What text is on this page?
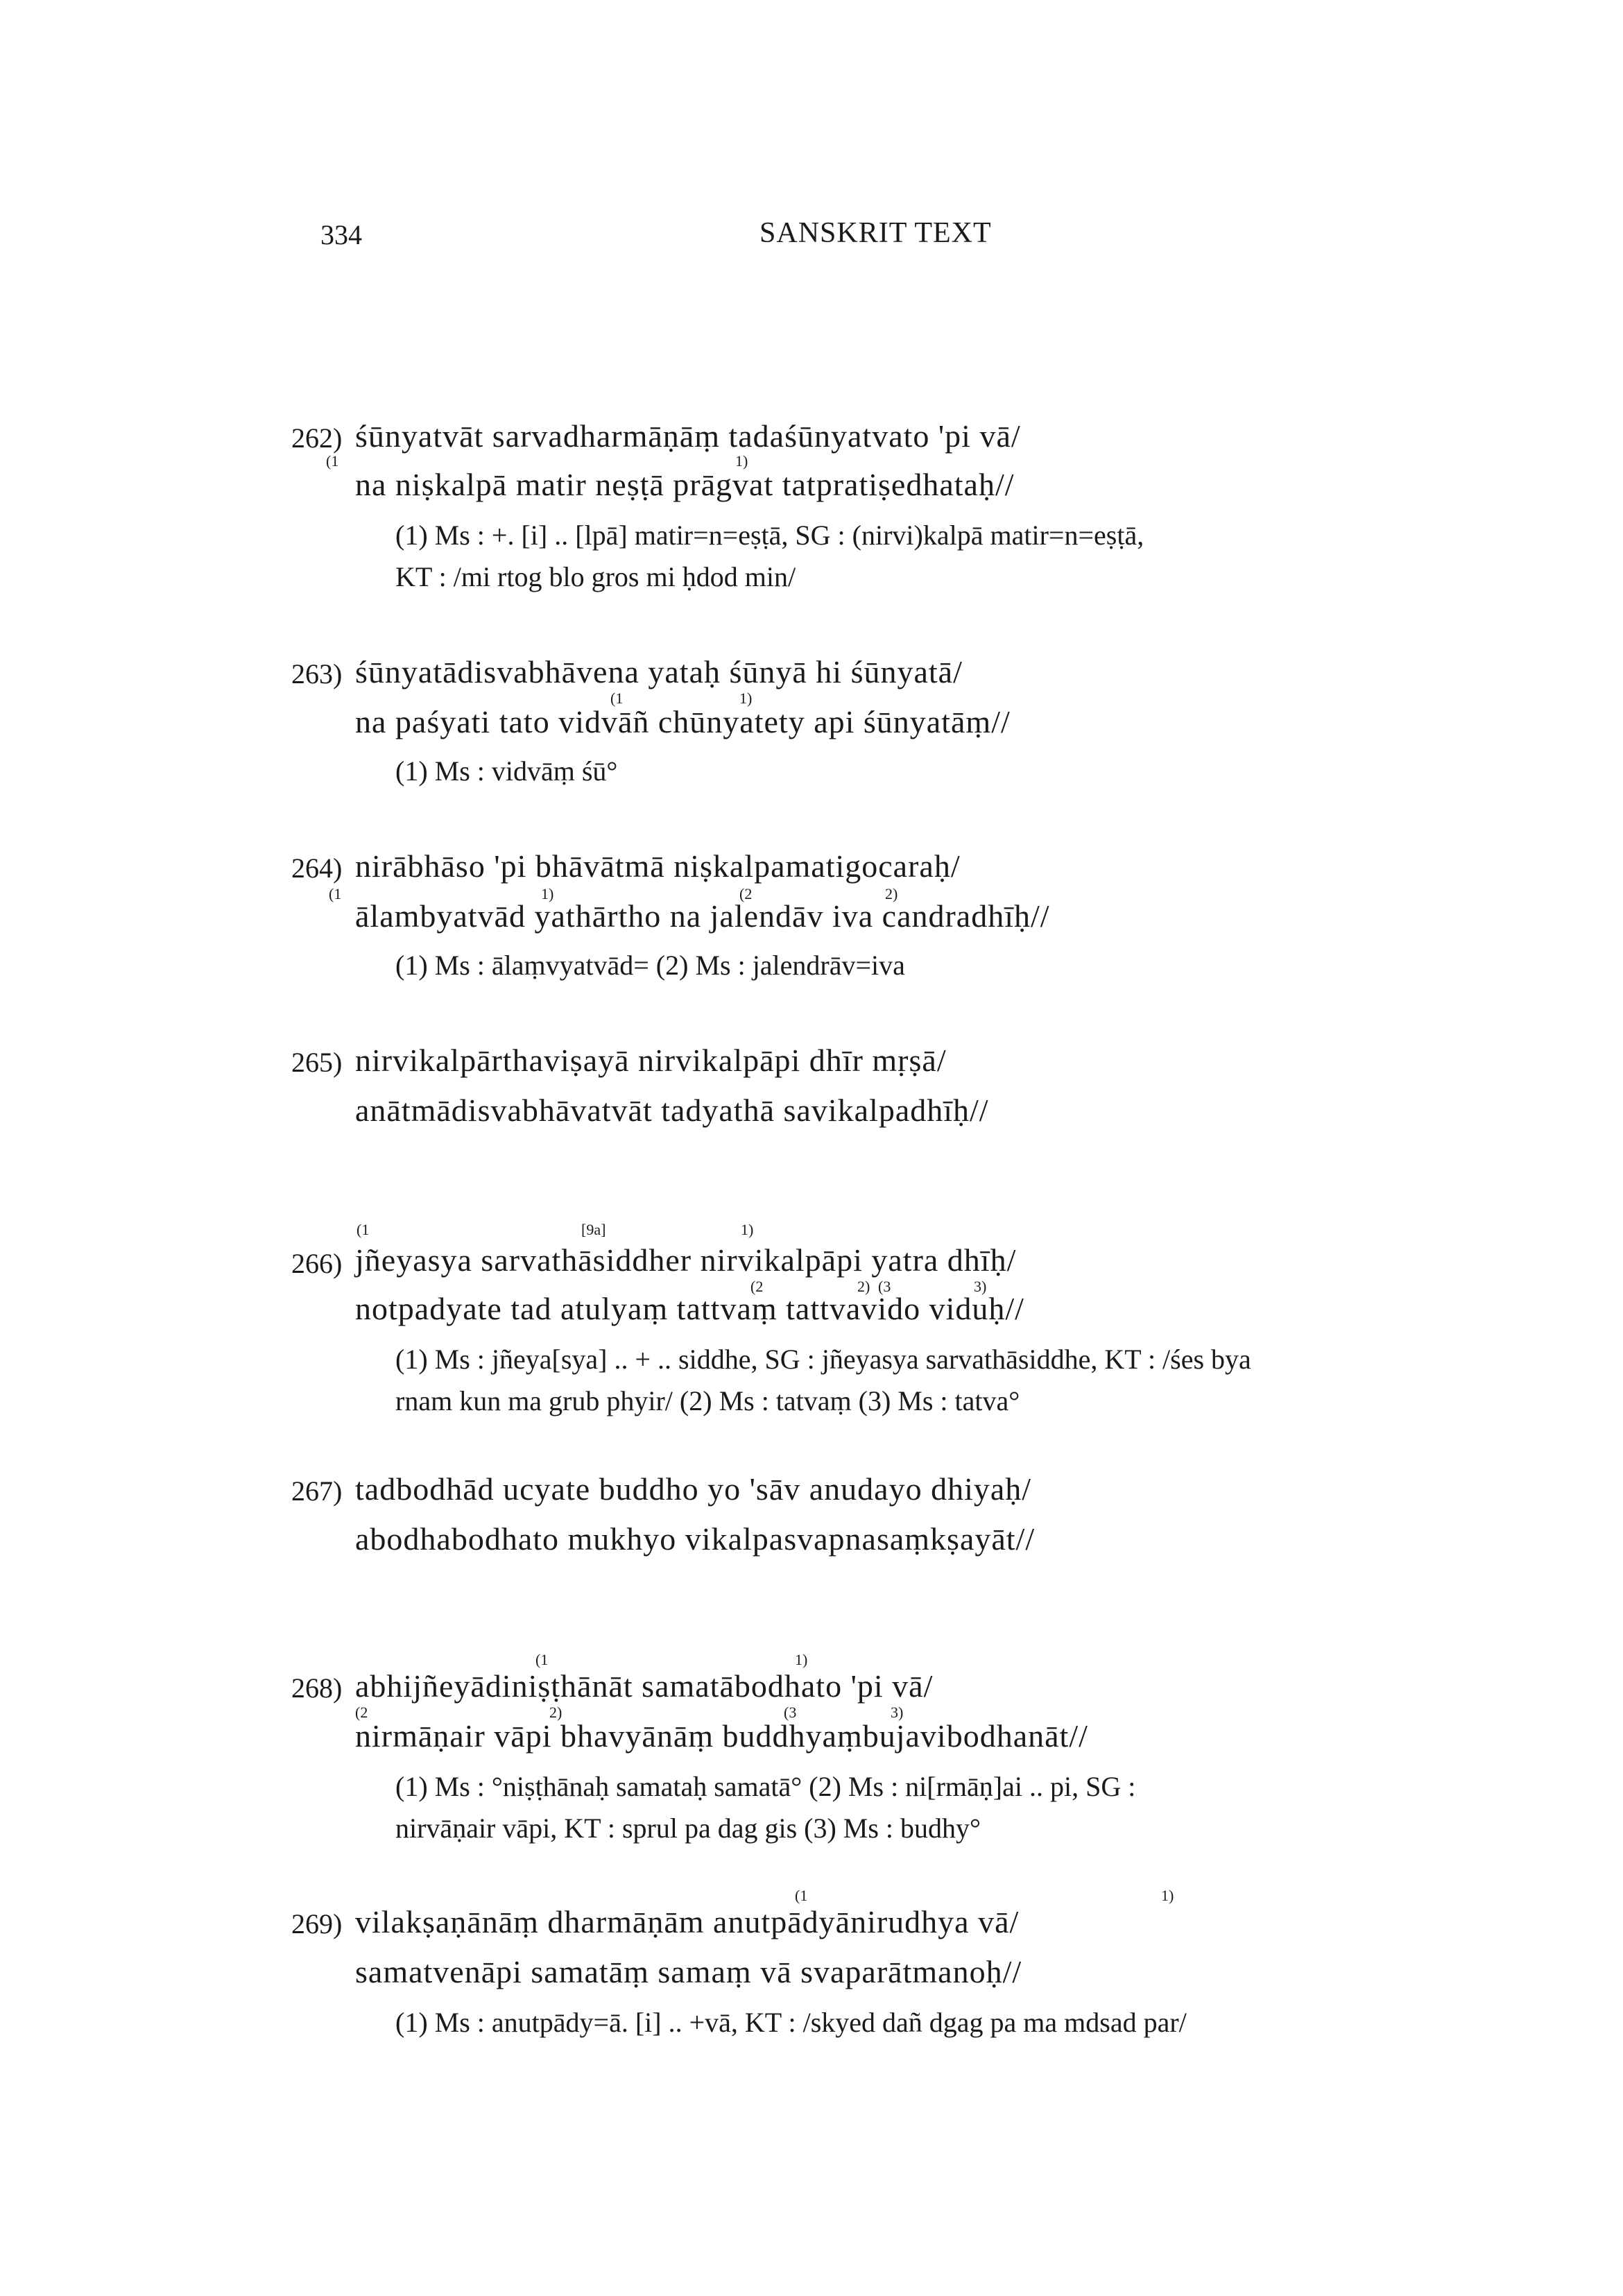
334	SANSKRIT TEXT
262) śūnyatvāt sarvadharmāṇāṃ tadaśūnyatvato 'pi vā/
(1	1)
na niṣkalpā matir neṣṭā prāgvat tatpratiṣedhataḥ//
(1) Ms : +. [i] .. [lpā] matir=n=eṣṭā, SG : (nirvi)kalpā matir=n=eṣṭā,
KT : /mi rtog blo gros mi ḥdod min/
263) śūnyatādisvabhāvena yataḥ śūnyā hi śūnyatā/
(1	1)
na paśyati tato vidvāñ chūnyatety api śūnyatāṃ//
(1) Ms : vidvāṃ śū°
264) nirābhāso 'pi bhāvātmā niṣkalpamatigocaraḥ/
(1	1)	(2	2)
ālambyatvād yathārtho na jalendāv iva candradhīḥ//
(1) Ms : ālaṃvyatvād= (2) Ms : jalendrāv=iva
265) nirvikalpārthaviṣayā nirvikalpāpi dhīr mṛṣā/
anātmādisvabhāvatvāt tadyathā savikalpadhīḥ//
(1	[9a]	1)
266) jñeyasya sarvathāsiddher nirvikalpāpi yatra dhīḥ/
(2	2) (3	3)
notpadyate tad atulyaṃ tattvaṃ tattvavido viduḥ//
(1) Ms : jñeya[sya] .. + .. siddhe, SG : jñeyasya sarvathāsiddhe, KT : /śes bya
rnam kun ma grub phyir/ (2) Ms : tatvaṃ (3) Ms : tatva°
267) tadbodhād ucyate buddho yo 'sāv anudayo dhiyaḥ/
abodhabodhato mukhyo vikalpasvapnasaṃkṣayāt//
(1	1)
268) abhijñeyādiniṣṭhānāt samatābodhato 'pi vā/
(2	2)	(3	3)
nirmāṇair vāpi bhavyānāṃ buddhyaṃbujavibodhanāt//
(1) Ms : °niṣṭhānaḥ samataḥ samatā° (2) Ms : ni[rmāṇ]ai .. pi, SG :
nirvāṇair vāpi, KT : sprul pa dag gis (3) Ms : budhy°
(1	1)
269) vilakṣaṇānāṃ dharmāṇām anutpādyānirudhya vā/
samatvenāpi samatāṃ samaṃ vā svaparātmanoḥ//
(1) Ms : anutpādy=ā. [i] .. +vā, KT : /skyed dañ dgag pa ma mdsad par/
